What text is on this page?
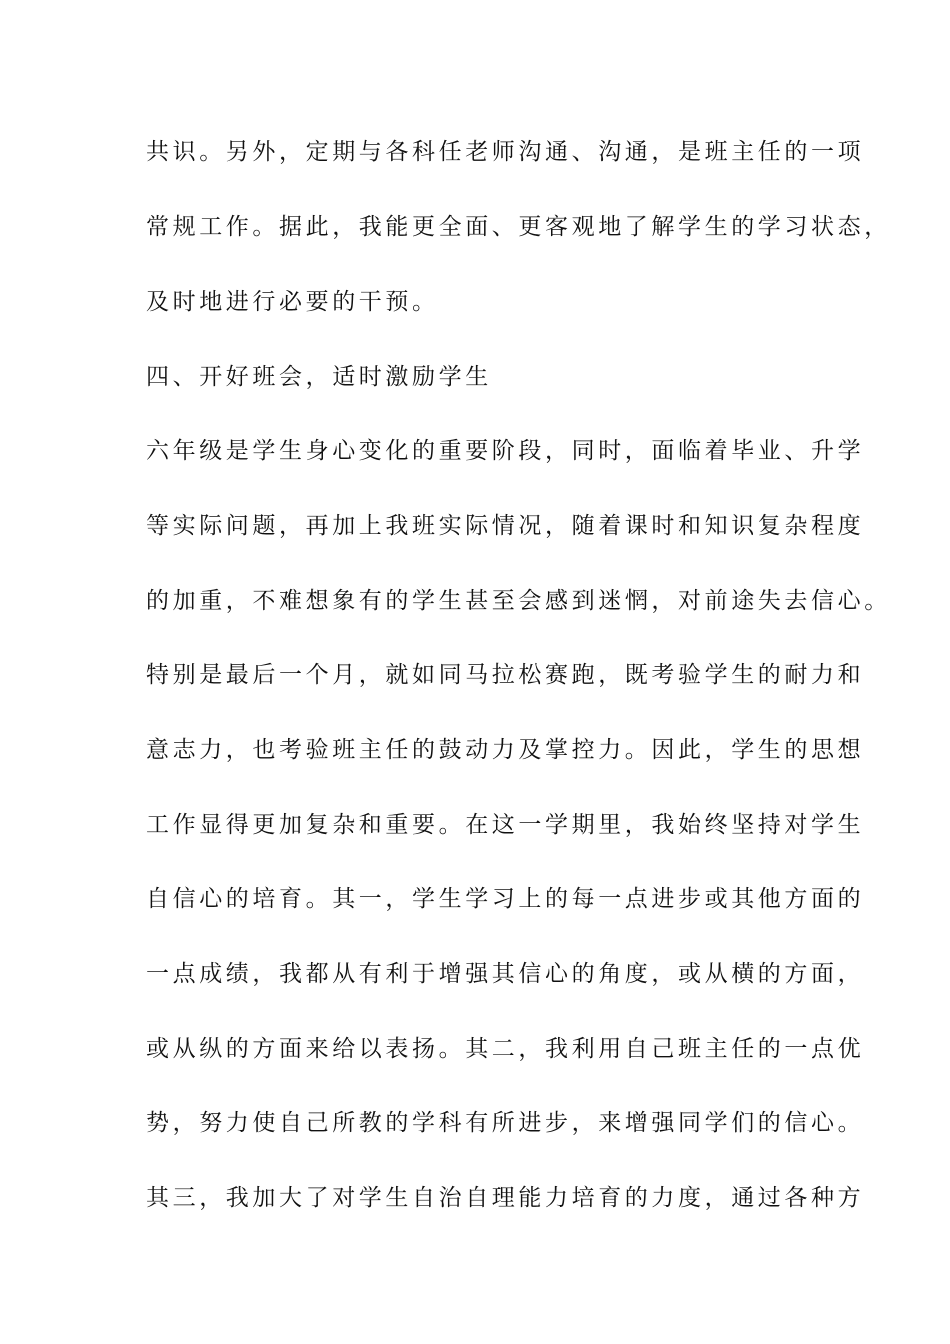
共识。另外，定期与各科任老师沟通、沟通，是班主任的一项
常规工作。据此，我能更全面、更客观地了解学生的学习状态，
及时地进行必要的干预。
四、开好班会，适时激励学生
六年级是学生身心变化的重要阶段，同时，面临着毕业、升学
等实际问题，再加上我班实际情况，随着课时和知识复杂程度
的加重，不难想象有的学生甚至会感到迷惘，对前途失去信心。
特别是最后一个月，就如同马拉松赛跑，既考验学生的耐力和
意志力，也考验班主任的鼓动力及掌控力。因此，学生的思想
工作显得更加复杂和重要。在这一学期里，我始终坚持对学生
自信心的培育。其一，学生学习上的每一点进步或其他方面的
一点成绩，我都从有利于增强其信心的角度，或从横的方面，
或从纵的方面来给以表扬。其二，我利用自己班主任的一点优
势，努力使自己所教的学科有所进步，来增强同学们的信心。
其三，我加大了对学生自治自理能力培育的力度，通过各种方
